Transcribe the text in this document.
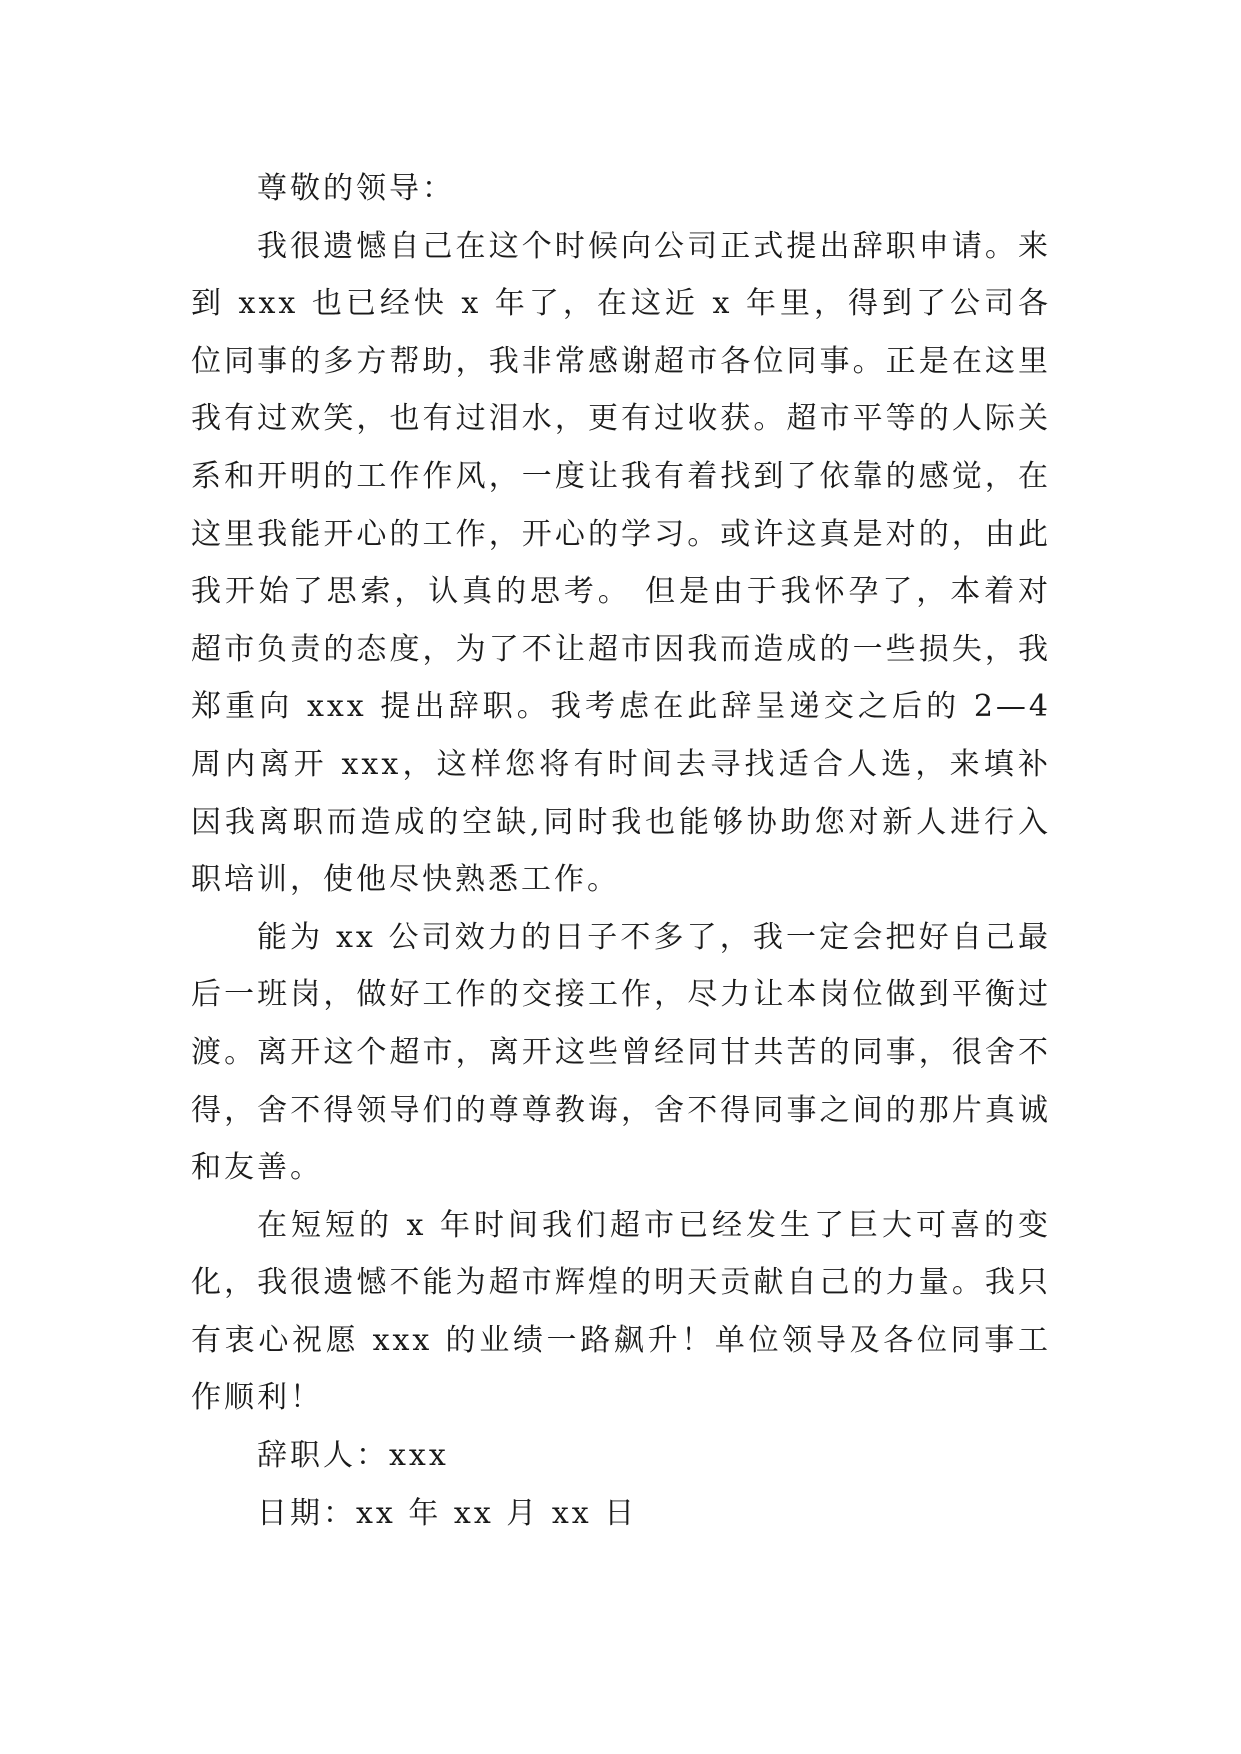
尊敬的领导：

我很遗憾自己在这个时候向公司正式提出辞职申请。来到 xxx 也已经快 x 年了，在这近 x 年里，得到了公司各位同事的多方帮助，我非常感谢超市各位同事。正是在这里我有过欢笑，也有过泪水，更有过收获。超市平等的人际关系和开明的工作作风，一度让我有着找到了依靠的感觉，在这里我能开心的工作，开心的学习。或许这真是对的，由此我开始了思索，认真的思考。 但是由于我怀孕了，本着对超市负责的态度，为了不让超市因我而造成的一些损失，我郑重向 xxx 提出辞职。我考虑在此辞呈递交之后的 2—4 周内离开 xxx，这样您将有时间去寻找适合人选，来填补因我离职而造成的空缺,同时我也能够协助您对新人进行入职培训，使他尽快熟悉工作。

能为 xx 公司效力的日子不多了，我一定会把好自己最后一班岗，做好工作的交接工作，尽力让本岗位做到平衡过渡。离开这个超市，离开这些曾经同甘共苦的同事，很舍不得，舍不得领导们的尊尊教诲，舍不得同事之间的那片真诚和友善。

在短短的 x 年时间我们超市已经发生了巨大可喜的变化，我很遗憾不能为超市辉煌的明天贡献自己的力量。我只有衷心祝愿 xxx 的业绩一路飙升！单位领导及各位同事工作顺利！

辞职人：xxx

日期：xx 年 xx 月 xx 日
